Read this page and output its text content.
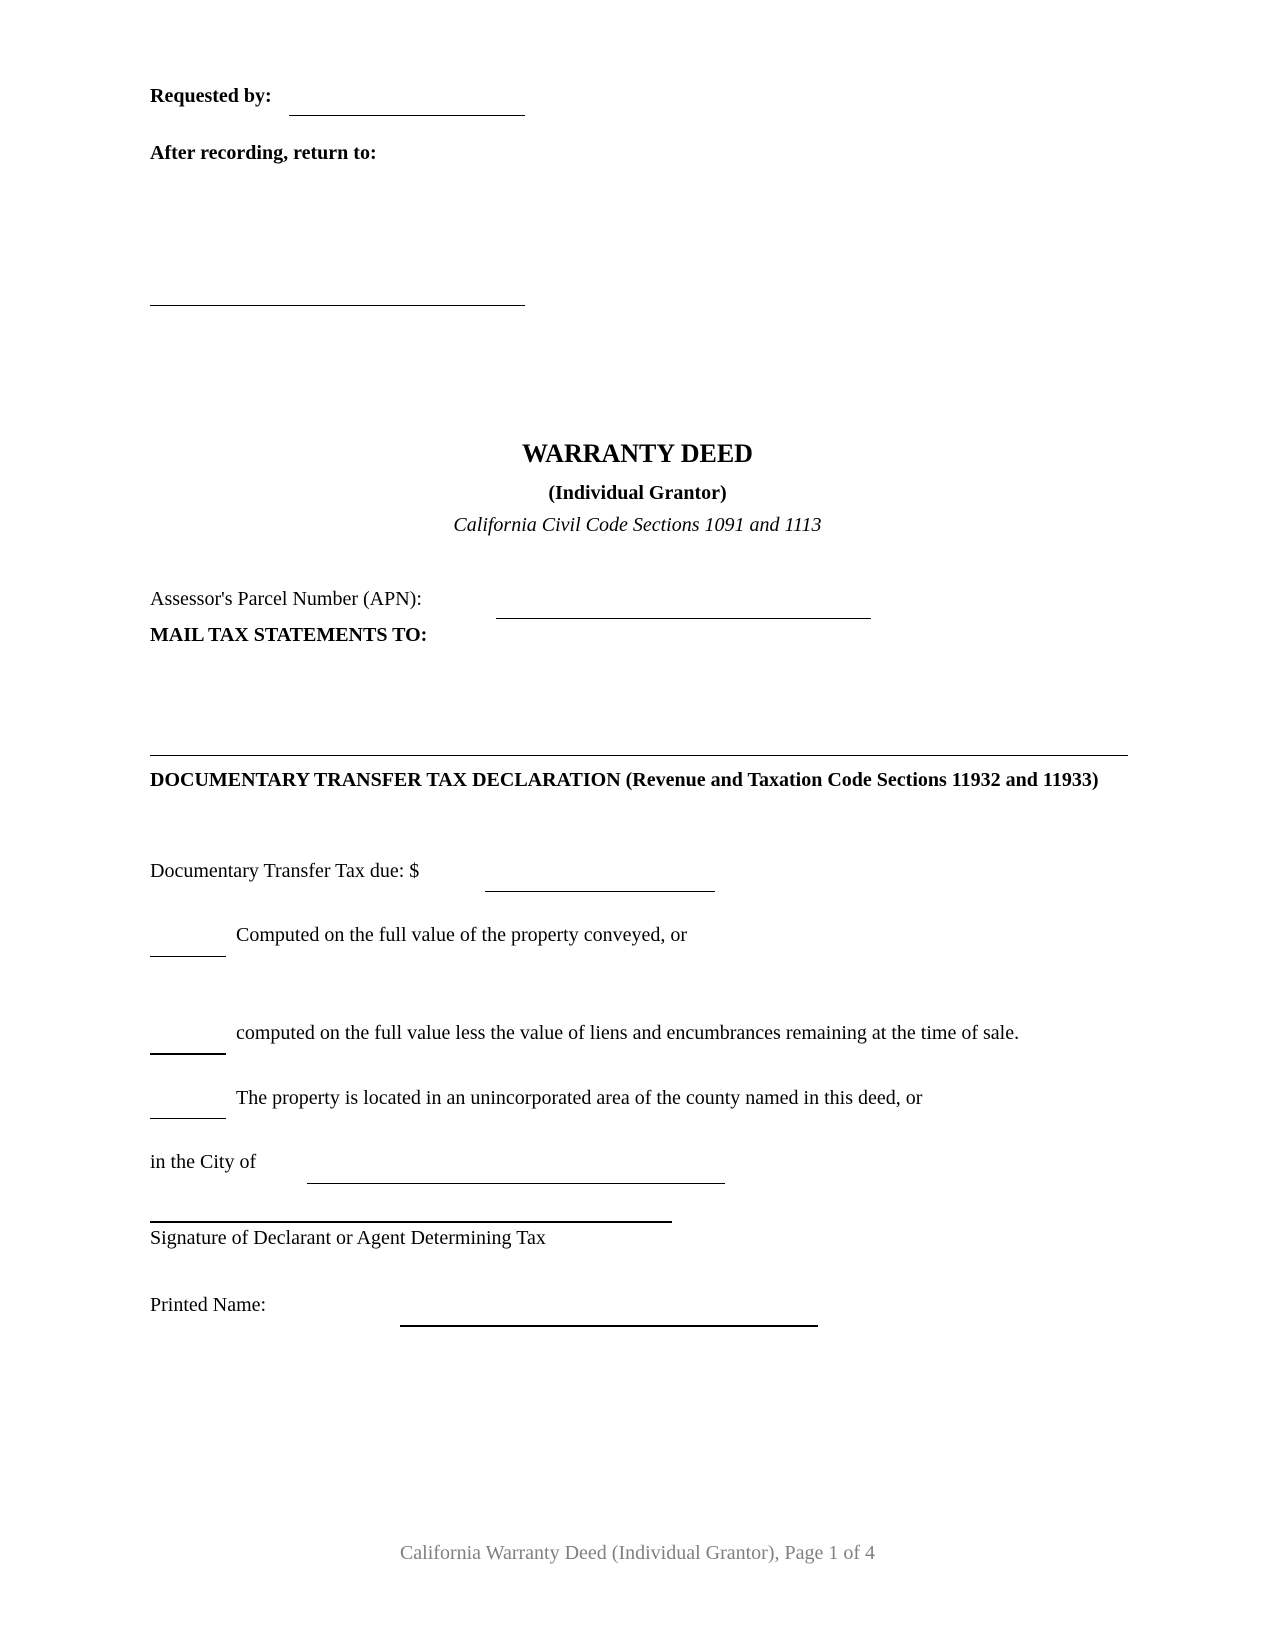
Requested by:
After recording, return to:
WARRANTY DEED
(Individual Grantor)
California Civil Code Sections 1091 and 1113
Assessor's Parcel Number (APN):
MAIL TAX STATEMENTS TO:
DOCUMENTARY TRANSFER TAX DECLARATION (Revenue and Taxation Code Sections 11932 and 11933)
Documentary Transfer Tax due: $
Computed on the full value of the property conveyed, or
computed on the full value less the value of liens and encumbrances remaining at the time of sale.
The property is located in an unincorporated area of the county named in this deed, or
in the City of
Signature of Declarant or Agent Determining Tax
Printed Name:
California Warranty Deed (Individual Grantor), Page 1 of 4
